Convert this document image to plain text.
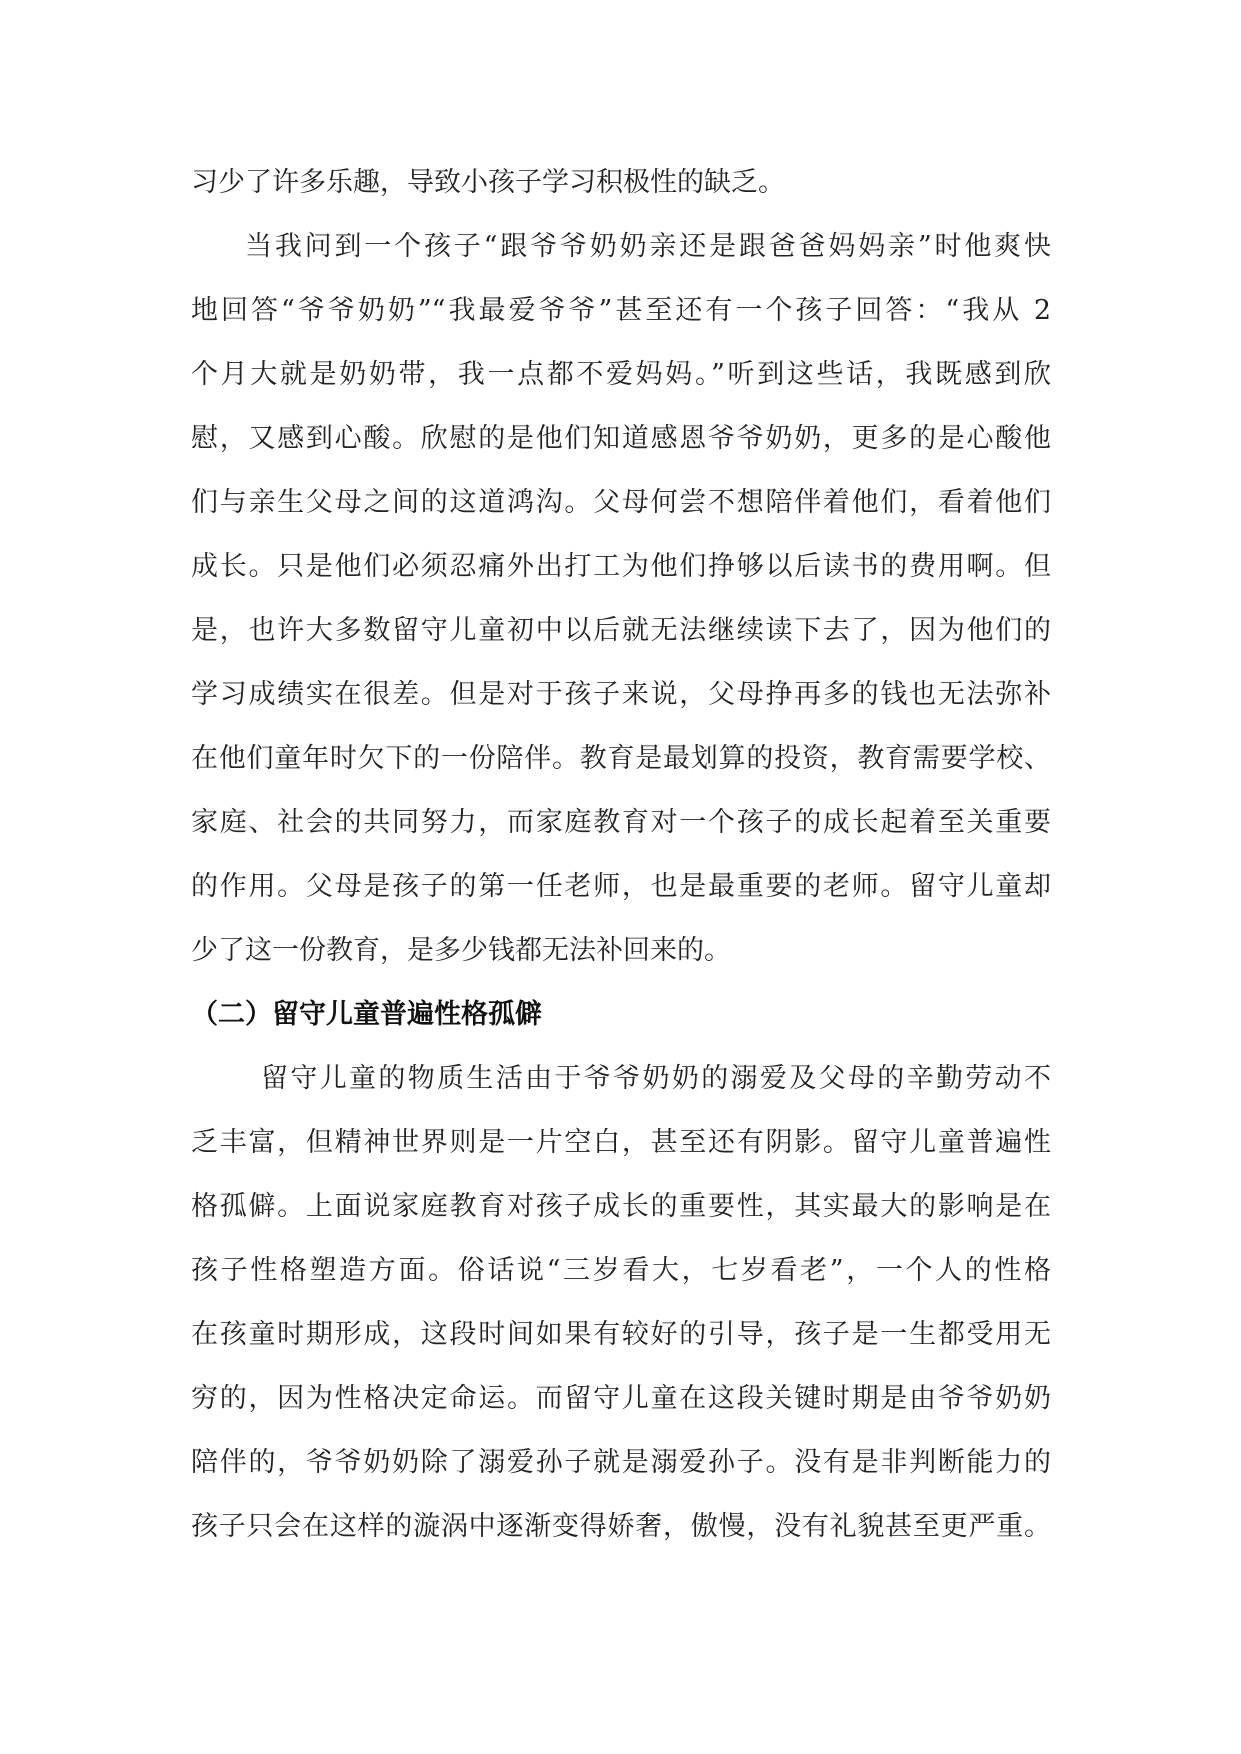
习少了许多乐趣，导致小孩子学习积极性的缺乏。
当我问到一个孩子“跟爷爷奶奶亲还是跟爸爸妈妈亲”时他爽快
地回答“爷爷奶奶”“我最爱爷爷”甚至还有一个孩子回答：“我从 2
个月大就是奶奶带，我一点都不爱妈妈。”听到这些话，我既感到欣
慰，又感到心酸。欣慰的是他们知道感恩爷爷奶奶，更多的是心酸他
们与亲生父母之间的这道鸿沟。父母何尝不想陪伴着他们，看着他们
成长。只是他们必须忍痛外出打工为他们挣够以后读书的费用啊。但
是，也许大多数留守儿童初中以后就无法继续读下去了，因为他们的
学习成绩实在很差。但是对于孩子来说，父母挣再多的钱也无法弥补
在他们童年时欠下的一份陪伴。教育是最划算的投资，教育需要学校、
家庭、社会的共同努力，而家庭教育对一个孩子的成长起着至关重要
的作用。父母是孩子的第一任老师，也是最重要的老师。留守儿童却
少了这一份教育，是多少钱都无法补回来的。
（二）留守儿童普遍性格孤僻
留守儿童的物质生活由于爷爷奶奶的溺爱及父母的辛勤劳动不
乏丰富，但精神世界则是一片空白，甚至还有阴影。留守儿童普遍性
格孤僻。上面说家庭教育对孩子成长的重要性，其实最大的影响是在
孩子性格塑造方面。俗话说“三岁看大，七岁看老”，一个人的性格
在孩童时期形成，这段时间如果有较好的引导，孩子是一生都受用无
穷的，因为性格决定命运。而留守儿童在这段关键时期是由爷爷奶奶
陪伴的，爷爷奶奶除了溺爱孙子就是溺爱孙子。没有是非判断能力的
孩子只会在这样的漩涡中逐渐变得娇奢，傲慢，没有礼貌甚至更严重。
